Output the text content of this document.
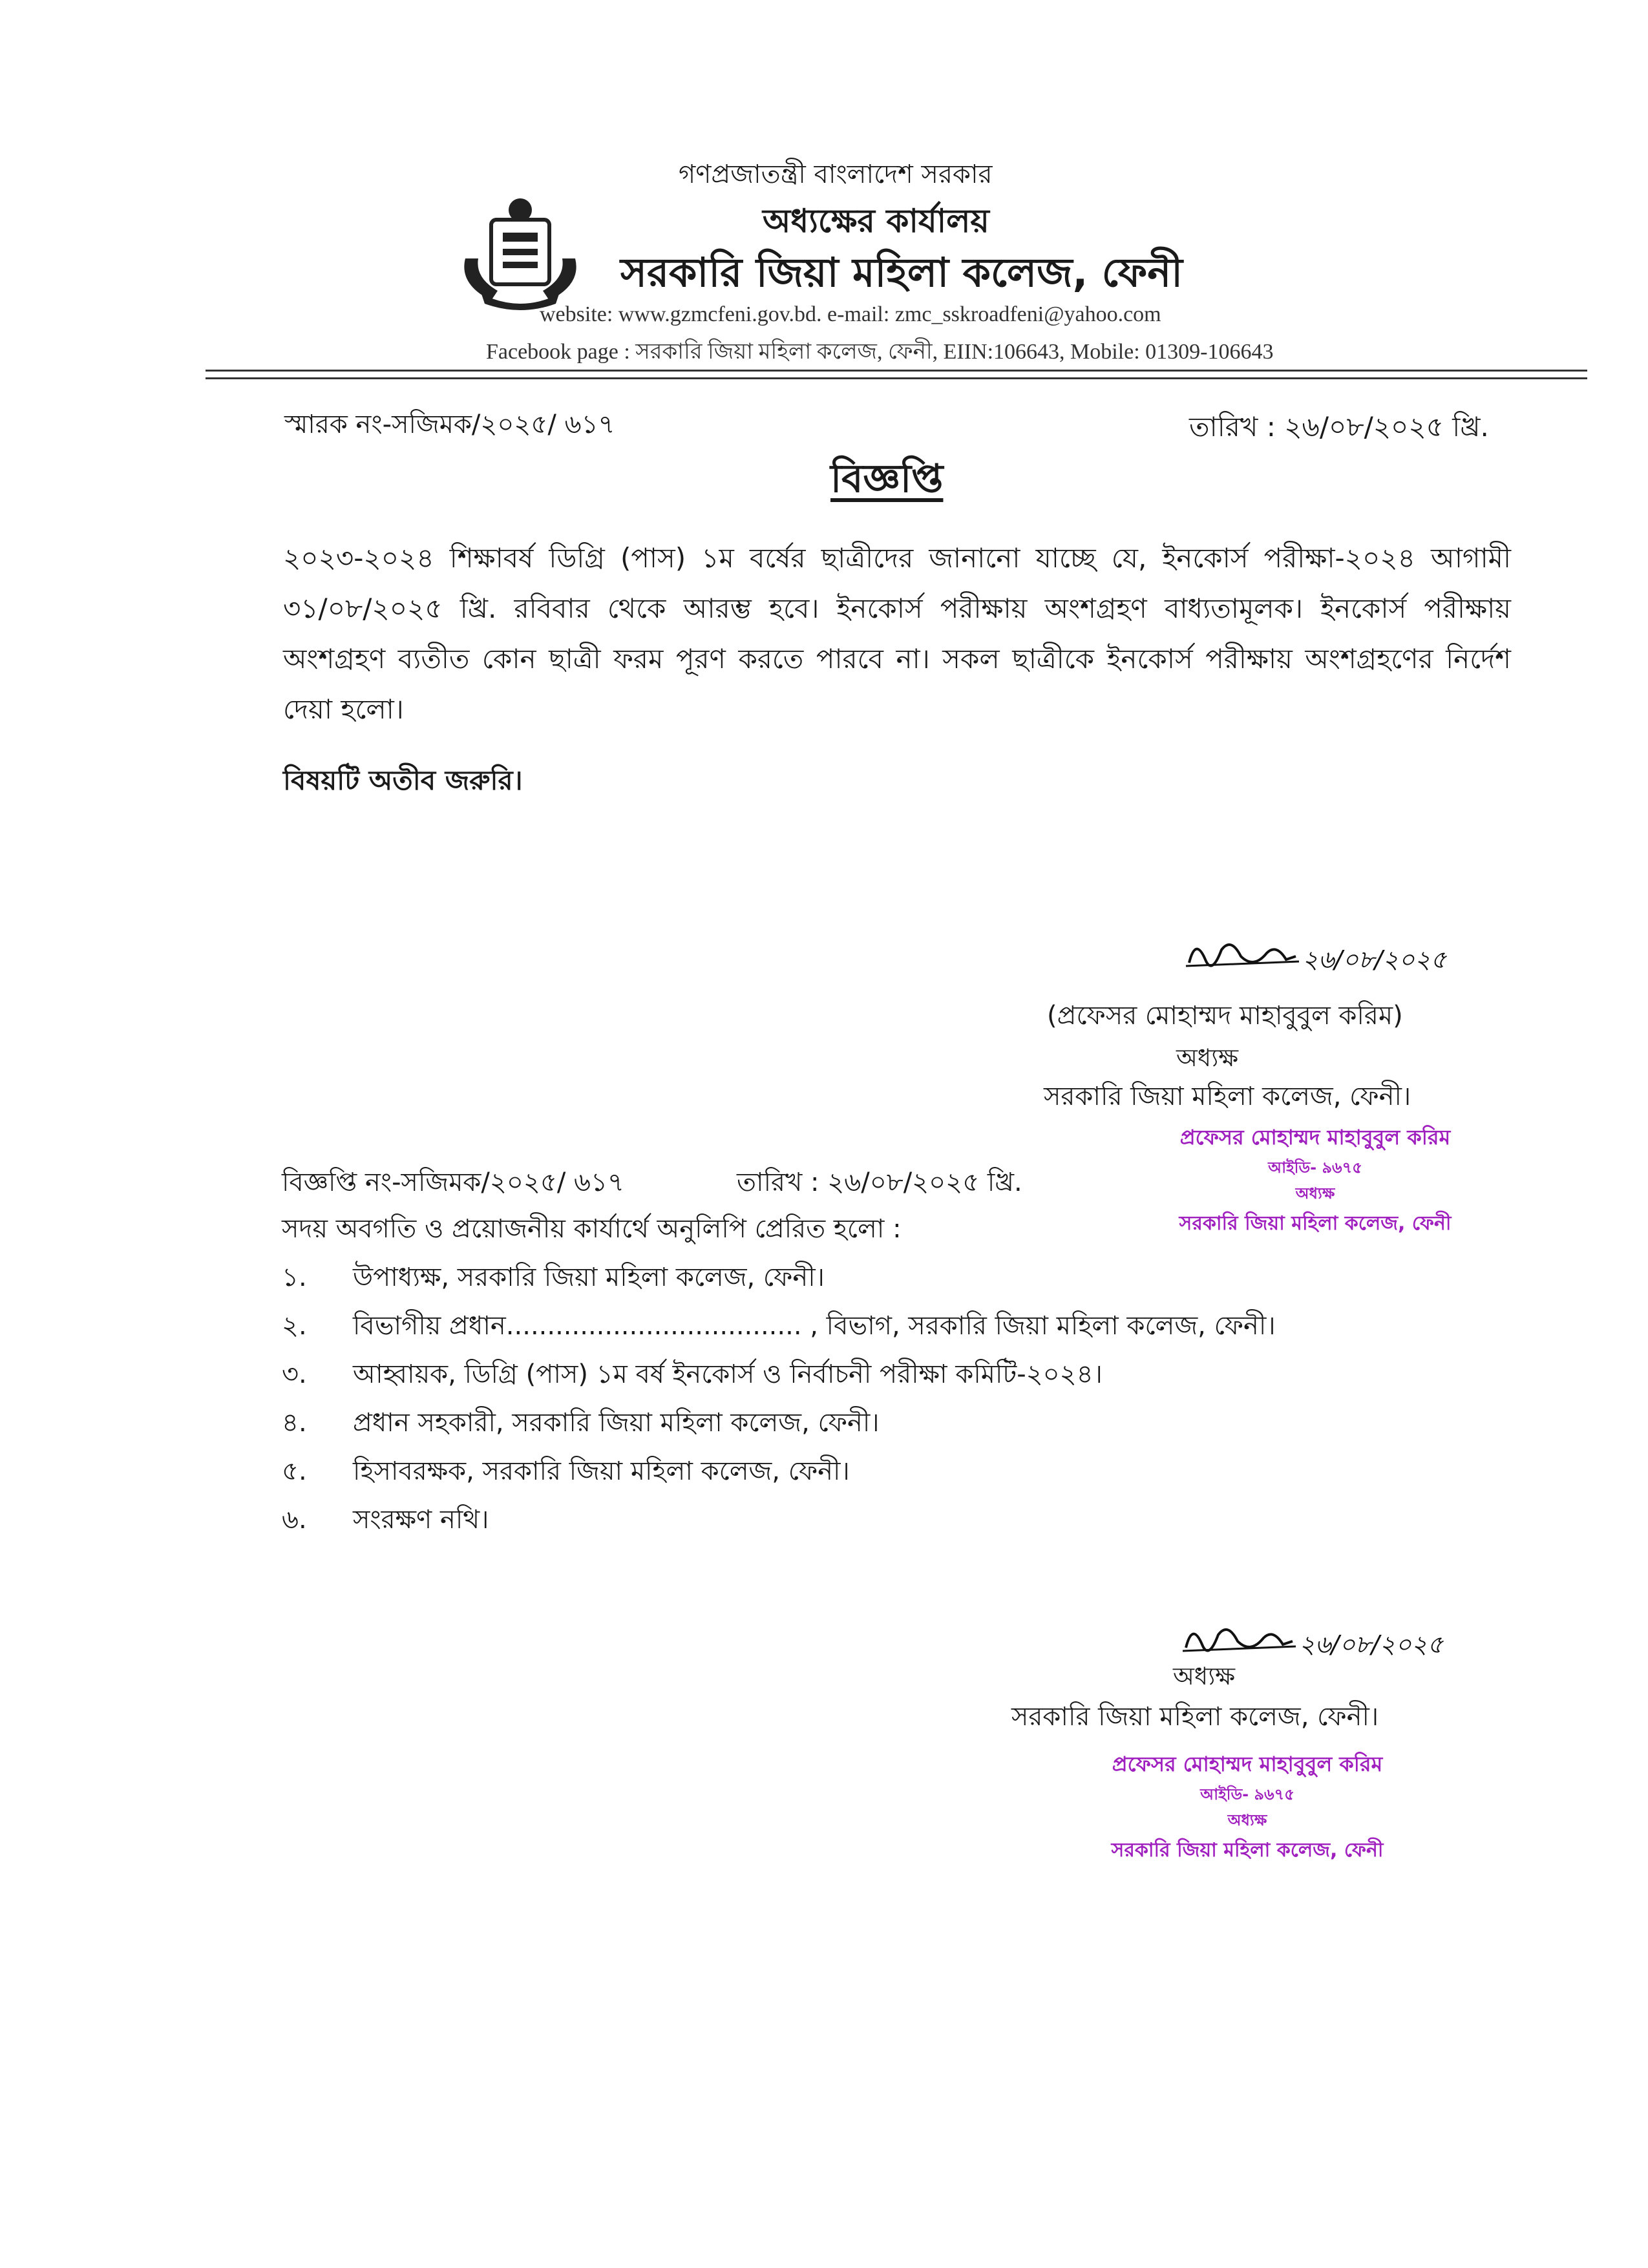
গণপ্রজাতন্ত্রী বাংলাদেশ সরকার
অধ্যক্ষের কার্যালয়
সরকারি জিয়া মহিলা কলেজ, ফেনী
website: www.gzmcfeni.gov.bd. e-mail: zmc_sskroadfeni@yahoo.com
Facebook page : সরকারি জিয়া মহিলা কলেজ, ফেনী, EIIN:106643, Mobile: 01309-106643
স্মারক নং-সজিমক/২০২৫/ ৬১৭	তারিখ : ২৬/০৮/২০২৫ খ্রি.
বিজ্ঞপ্তি
২০২৩-২০২৪ শিক্ষাবর্ষ ডিগ্রি (পাস) ১ম বর্ষের ছাত্রীদের জানানো যাচ্ছে যে, ইনকোর্স পরীক্ষা-২০২৪ আগামী ৩১/০৮/২০২৫ খ্রি. রবিবার থেকে আরম্ভ হবে। ইনকোর্স পরীক্ষায় অংশগ্রহণ বাধ্যতামূলক। ইনকোর্স পরীক্ষায় অংশগ্রহণ ব্যতীত কোন ছাত্রী ফরম পূরণ করতে পারবে না। সকল ছাত্রীকে ইনকোর্স পরীক্ষায় অংশগ্রহণের নির্দেশ দেয়া হলো।
বিষয়টি অতীব জরুরি।
২৬/০৮/২০২৫
(প্রফেসর মোহাম্মদ মাহাবুবুল করিম)
অধ্যক্ষ
সরকারি জিয়া মহিলা কলেজ, ফেনী।
প্রফেসর মোহাম্মদ মাহাবুবুল করিম
আইডি- ৯৬৭৫
অধ্যক্ষ
সরকারি জিয়া মহিলা কলেজ, ফেনী
বিজ্ঞপ্তি নং-সজিমক/২০২৫/ ৬১৭	তারিখ : ২৬/০৮/২০২৫ খ্রি.
সদয় অবগতি ও প্রয়োজনীয় কার্যার্থে অনুলিপি প্রেরিত হলো :
১. উপাধ্যক্ষ, সরকারি জিয়া মহিলা কলেজ, ফেনী।
২. বিভাগীয় প্রধান.................................... , বিভাগ, সরকারি জিয়া মহিলা কলেজ, ফেনী।
৩. আহ্বায়ক, ডিগ্রি (পাস) ১ম বর্ষ ইনকোর্স ও নির্বাচনী পরীক্ষা কমিটি-২০২৪।
৪. প্রধান সহকারী, সরকারি জিয়া মহিলা কলেজ, ফেনী।
৫. হিসাবরক্ষক, সরকারি জিয়া মহিলা কলেজ, ফেনী।
৬. সংরক্ষণ নথি।
২৬/০৮/২০২৫
অধ্যক্ষ
সরকারি জিয়া মহিলা কলেজ, ফেনী।
প্রফেসর মোহাম্মদ মাহাবুবুল করিম
আইডি- ৯৬৭৫
অধ্যক্ষ
সরকারি জিয়া মহিলা কলেজ, ফেনী
